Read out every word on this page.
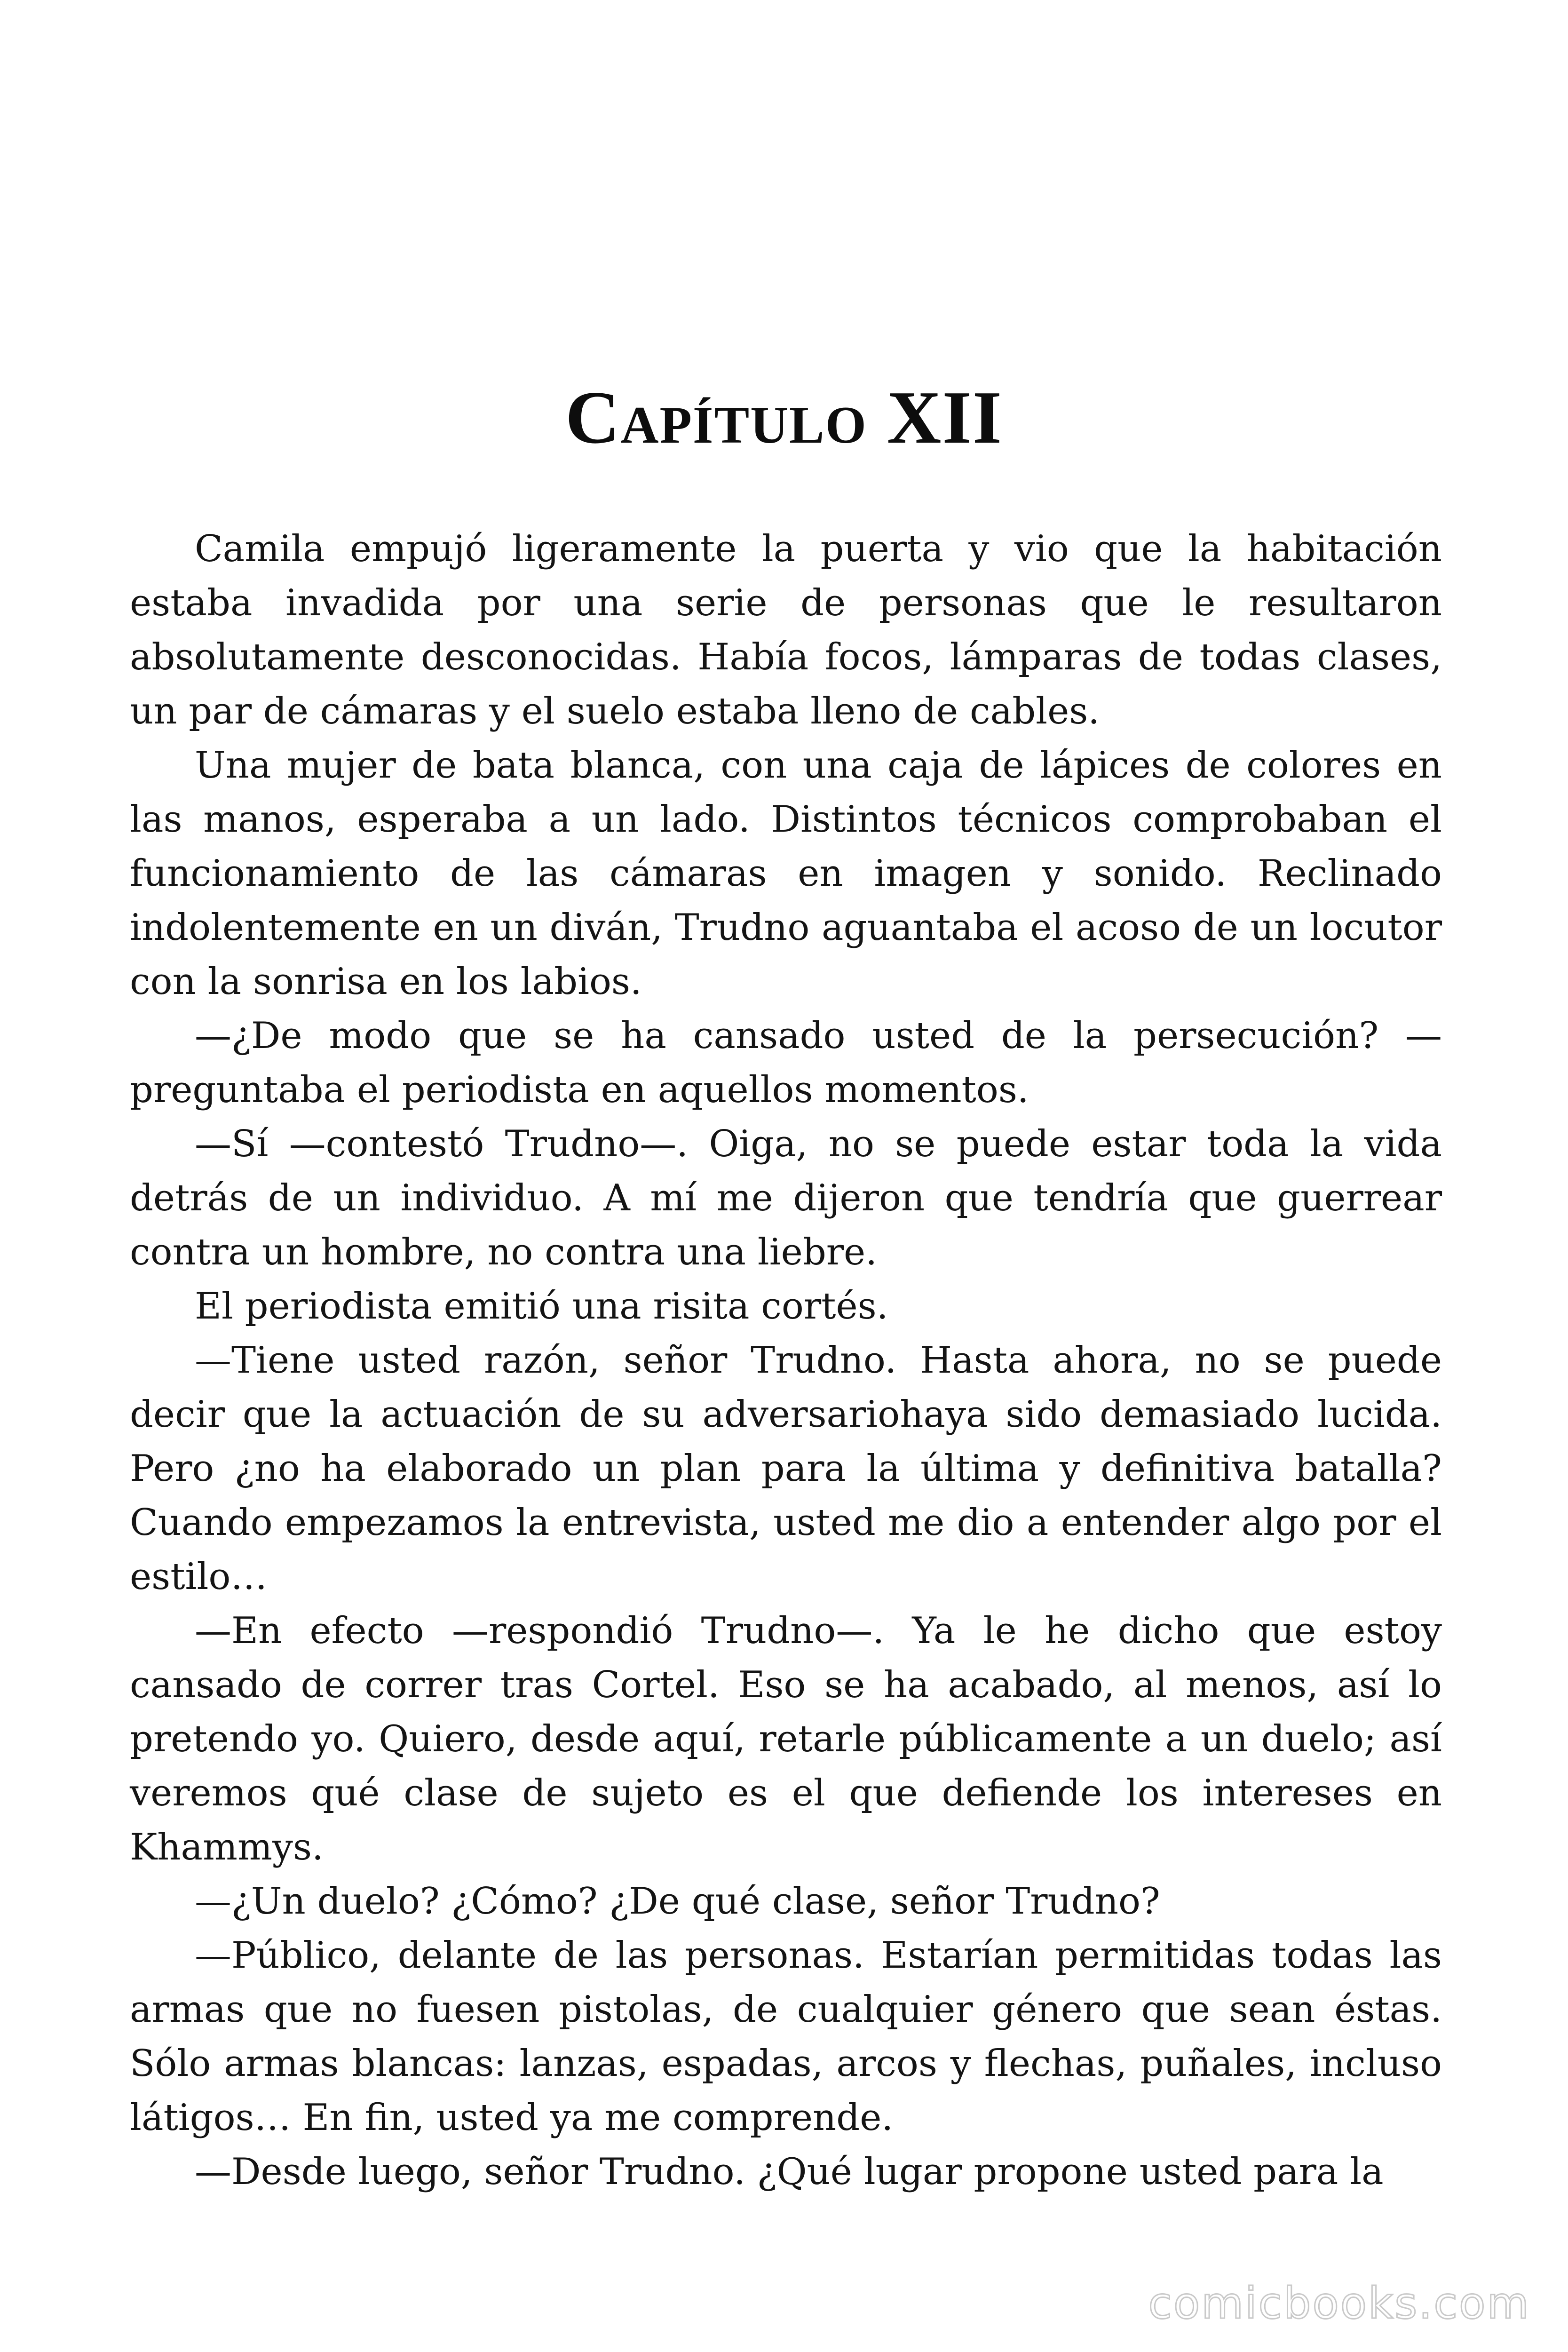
Capítulo XII

Camila empujó ligeramente la puerta y vio que la habitación estaba invadida por una serie de personas que le resultaron absolutamente desconocidas. Había focos, lámparas de todas clases, un par de cámaras y el suelo estaba lleno de cables.

Una mujer de bata blanca, con una caja de lápices de colores en las manos, esperaba a un lado. Distintos técnicos comprobaban el funcionamiento de las cámaras en imagen y sonido. Reclinado indolentemente en un diván, Trudno aguantaba el acoso de un locutor con la sonrisa en los labios.

—¿De modo que se ha cansado usted de la persecución? —preguntaba el periodista en aquellos momentos.

—Sí —contestó Trudno—. Oiga, no se puede estar toda la vida detrás de un individuo. A mí me dijeron que tendría que guerrear contra un hombre, no contra una liebre.

El periodista emitió una risita cortés.

—Tiene usted razón, señor Trudno. Hasta ahora, no se puede decir que la actuación de su adversariohaya sido demasiado lucida. Pero ¿no ha elaborado un plan para la última y definitiva batalla? Cuando empezamos la entrevista, usted me dio a entender algo por el estilo…

—En efecto —respondió Trudno—. Ya le he dicho que estoy cansado de correr tras Cortel. Eso se ha acabado, al menos, así lo pretendo yo. Quiero, desde aquí, retarle públicamente a un duelo; así veremos qué clase de sujeto es el que defiende los intereses en Khammys.

—¿Un duelo? ¿Cómo? ¿De qué clase, señor Trudno?

—Público, delante de las personas. Estarían permitidas todas las armas que no fuesen pistolas, de cualquier género que sean éstas. Sólo armas blancas: lanzas, espadas, arcos y flechas, puñales, incluso látigos… En fin, usted ya me comprende.

—Desde luego, señor Trudno. ¿Qué lugar propone usted para la

comicbooks.com
